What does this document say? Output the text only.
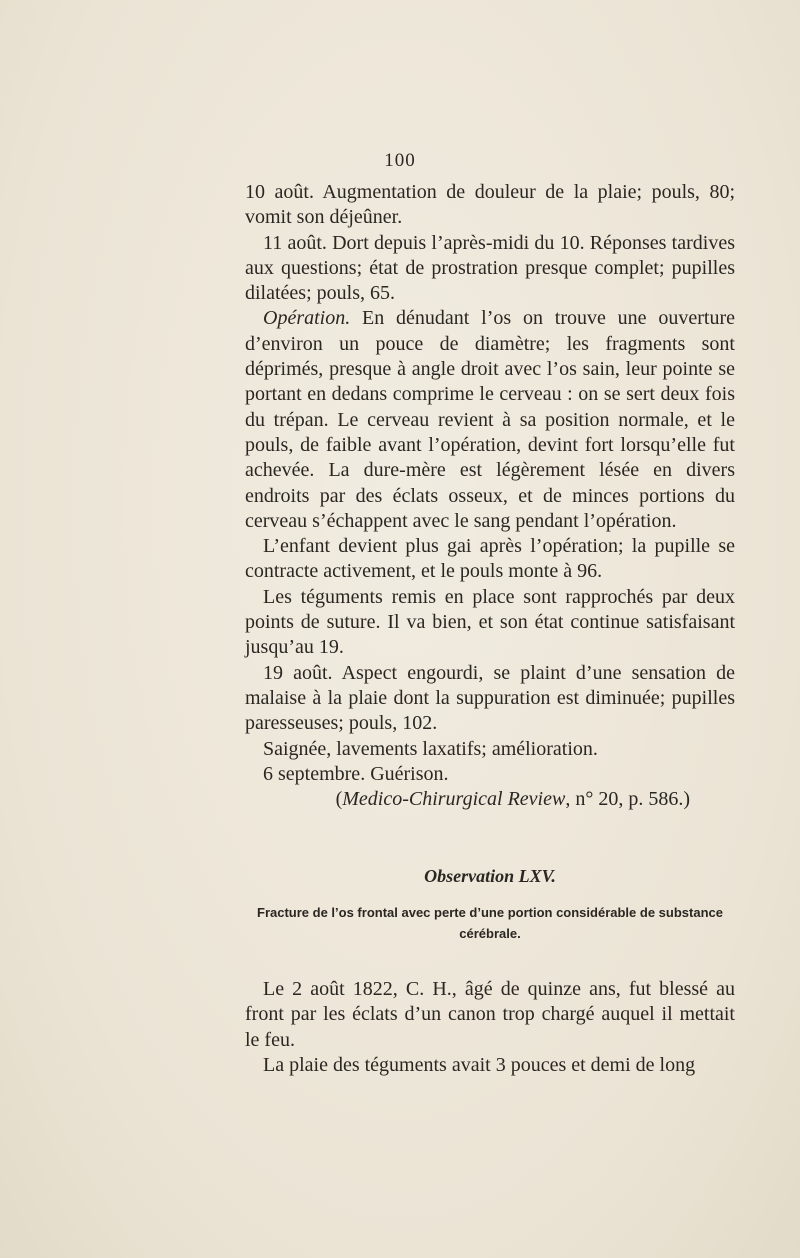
100

10 août. Augmentation de douleur de la plaie; pouls, 80; vomit son déjeûner.

11 août. Dort depuis l’après-midi du 10. Réponses tardives aux questions; état de prostration presque complet; pupilles dilatées; pouls, 65.

Opération. En dénudant l’os on trouve une ouverture d’environ un pouce de diamètre; les fragments sont déprimés, presque à angle droit avec l’os sain, leur pointe se portant en dedans comprime le cerveau : on se sert deux fois du trépan. Le cerveau revient à sa position normale, et le pouls, de faible avant l’opération, devint fort lorsqu’elle fut achevée. La dure-mère est légèrement lésée en divers endroits par des éclats osseux, et de minces portions du cerveau s’échappent avec le sang pendant l’opération.

L’enfant devient plus gai après l’opération; la pupille se contracte activement, et le pouls monte à 96.

Les téguments remis en place sont rapprochés par deux points de suture. Il va bien, et son état continue satisfaisant jusqu’au 19.

19 août. Aspect engourdi, se plaint d’une sensation de malaise à la plaie dont la suppuration est diminuée; pupilles paresseuses; pouls, 102.

Saignée, lavements laxatifs; amélioration.

6 septembre. Guérison.

(Medico-Chirurgical Review, n° 20, p. 586.)

Observation LXV.
Fracture de l’os frontal avec perte d’une portion considérable de substance cérébrale.

Le 2 août 1822, C. H., âgé de quinze ans, fut blessé au front par les éclats d’un canon trop chargé auquel il mettait le feu.

La plaie des téguments avait 3 pouces et demi de long
